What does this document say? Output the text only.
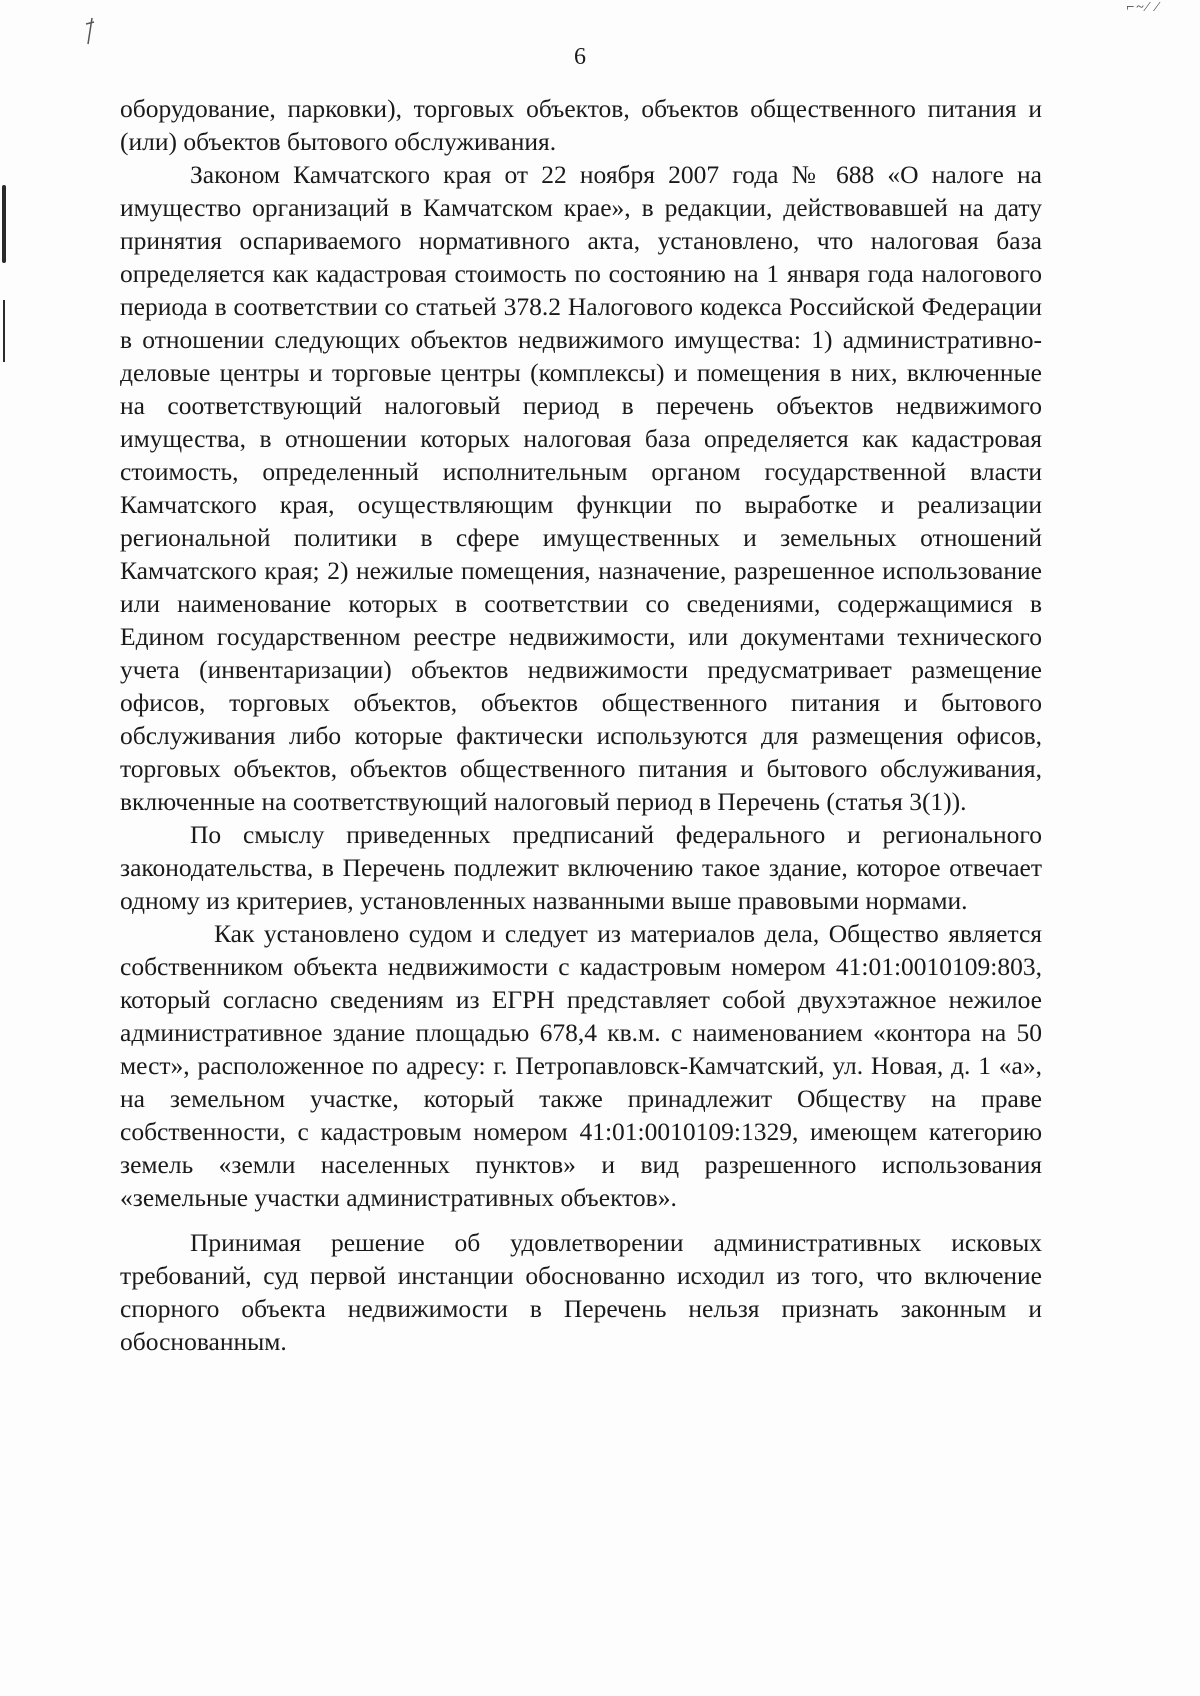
⌐~⁄ ⁄
6

оборудование, парковки), торговых объектов, объектов общественного питания и (или) объектов бытового обслуживания.

Законом Камчатского края от 22 ноября 2007 года № 688 «О налоге на имущество организаций в Камчатском крае», в редакции, действовавшей на дату принятия оспариваемого нормативного акта, установлено, что налоговая база определяется как кадастровая стоимость по состоянию на 1 января года налогового периода в соответствии со статьей 378.2 Налогового кодекса Российской Федерации в отношении следующих объектов недвижимого имущества: 1) административно-деловые центры и торговые центры (комплексы) и помещения в них, включенные на соответствующий налоговый период в перечень объектов недвижимого имущества, в отношении которых налоговая база определяется как кадастровая стоимость, определенный исполнительным органом государственной власти Камчатского края, осуществляющим функции по выработке и реализации региональной политики в сфере имущественных и земельных отношений Камчатского края; 2) нежилые помещения, назначение, разрешенное использование или наименование которых в соответствии со сведениями, содержащимися в Едином государственном реестре недвижимости, или документами технического учета (инвентаризации) объектов недвижимости предусматривает размещение офисов, торговых объектов, объектов общественного питания и бытового обслуживания либо которые фактически используются для размещения офисов, торговых объектов, объектов общественного питания и бытового обслуживания, включенные на соответствующий налоговый период в Перечень (статья 3(1)).

По смыслу приведенных предписаний федерального и регионального законодательства, в Перечень подлежит включению такое здание, которое отвечает одному из критериев, установленных названными выше правовыми нормами.

Как установлено судом и следует из материалов дела, Общество является собственником объекта недвижимости с кадастровым номером 41:01:0010109:803, который согласно сведениям из ЕГРН представляет собой двухэтажное нежилое административное здание площадью 678,4 кв.м. с наименованием «контора на 50 мест», расположенное по адресу: г. Петропавловск-Камчатский, ул. Новая, д. 1 «а», на земельном участке, который также принадлежит Обществу на праве собственности, с кадастровым номером 41:01:0010109:1329, имеющем категорию земель «земли населенных пунктов» и вид разрешенного использования «земельные участки административных объектов».

Принимая решение об удовлетворении административных исковых требований, суд первой инстанции обоснованно исходил из того, что включение спорного объекта недвижимости в Перечень нельзя признать законным и обоснованным.
